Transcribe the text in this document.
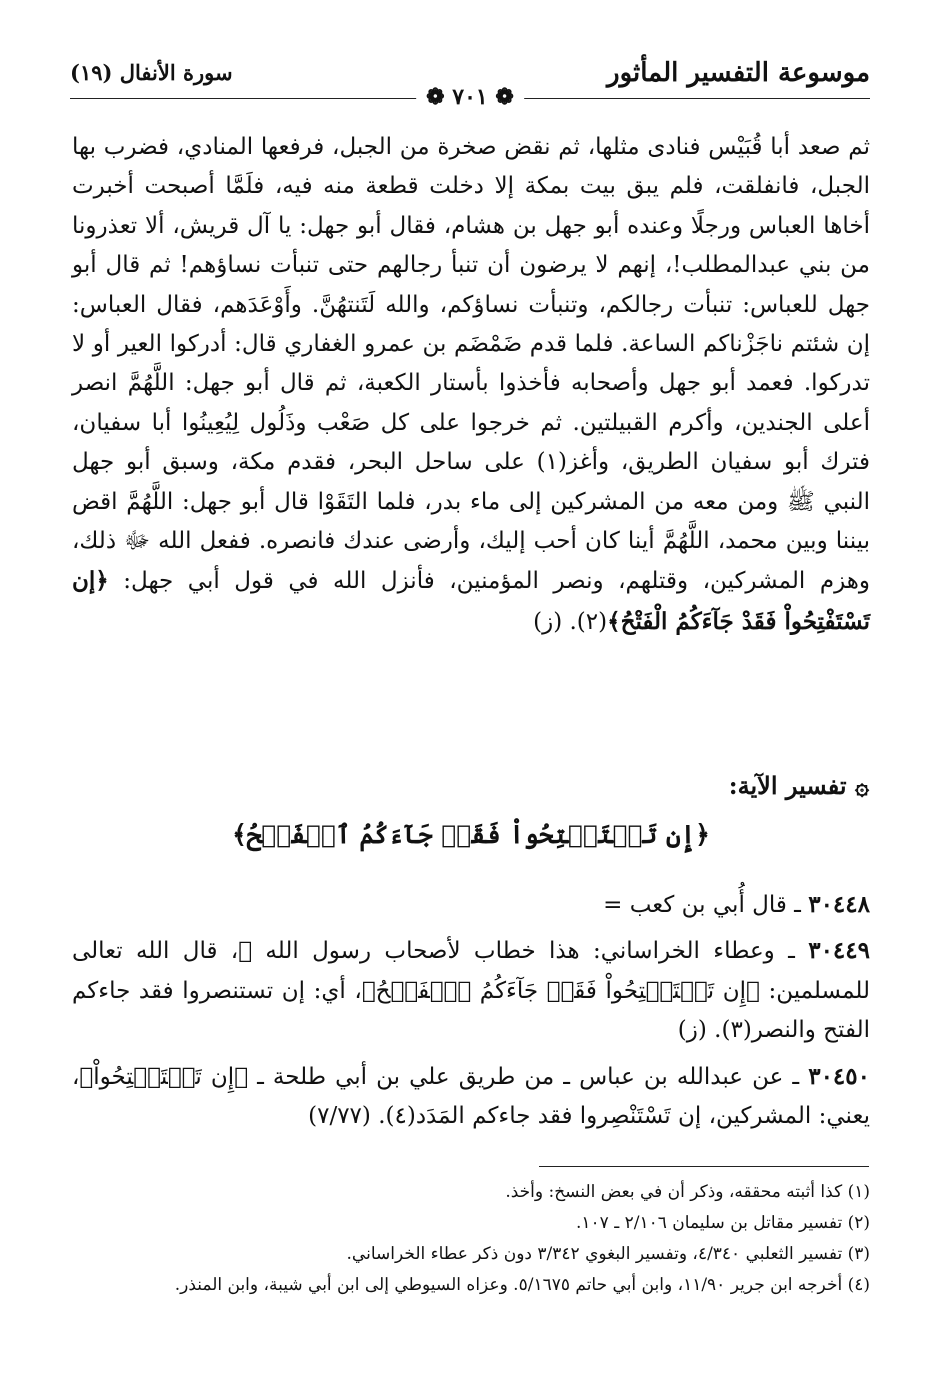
موسوعة التفسير المأثور
سورة الأنفال (١٩)
❁ ٧٠١ ❁
ثم صعد أبا قُبَيْس فنادى مثلها، ثم نقض صخرة من الجبل، فرفعها المنادي، فضرب بها الجبل، فانفلقت، فلم يبق بيت بمكة إلا دخلت قطعة منه فيه، فلَمَّا أصبحت أخبرت أخاها العباس ورجلًا وعنده أبو جهل بن هشام، فقال أبو جهل: يا آل قريش، ألا تعذرونا من بني عبدالمطلب!، إنهم لا يرضون أن تنبأ رجالهم حتى تنبأت نساؤهم! ثم قال أبو جهل للعباس: تنبأت رجالكم، وتنبأت نساؤكم، والله لَتَنتهُنَّ. وأَوْعَدَهم، فقال العباس: إن شئتم ناجَزْناكم الساعة. فلما قدم ضَمْضَم بن عمرو الغفاري قال: أدركوا العير أو لا تدركوا. فعمد أبو جهل وأصحابه فأخذوا بأستار الكعبة، ثم قال أبو جهل: اللَّهُمَّ انصر أعلى الجندين، وأكرم القبيلتين. ثم خرجوا على كل صَعْب وذَلُول لِيُعِينُوا أبا سفيان، فترك أبو سفيان الطريق، وأغز(١) على ساحل البحر، فقدم مكة، وسبق أبو جهل النبي ﷺ ومن معه من المشركين إلى ماء بدر، فلما التَقَوْا قال أبو جهل: اللَّهُمَّ اقض بيننا وبين محمد، اللَّهُمَّ أينا كان أحب إليك، وأرضى عندك فانصره. ففعل الله ﷻ ذلك، وهزم المشركين، وقتلهم، ونصر المؤمنين، فأنزل الله في قول أبي جهل: ﴿إن تَسْتَفْتِحُواْ فَقَدْ جَآءَكُمُ الْفَتْحُ﴾(٢). (ز)
۞ تفسير الآية:
﴿إِن تَسۡتَفۡتِحُواْ فَقَدۡ جَآءَكُمُ ٱلۡفَتۡحُ﴾
٣٠٤٤٨ ـ قال أُبي بن كعب =
٣٠٤٤٩ ـ وعطاء الخراساني: هذا خطاب لأصحاب رسول الله ﷺ، قال الله تعالى للمسلمين: ﴿إِن تَسۡتَفۡتِحُواْ فَقَدۡ جَآءَكُمُ ٱلۡفَتۡحُ﴾، أي: إن تستنصروا فقد جاءكم الفتح والنصر(٣). (ز)
٣٠٤٥٠ ـ عن عبدالله بن عباس ـ من طريق علي بن أبي طلحة ـ ﴿إِن تَسۡتَفۡتِحُواْ﴾، يعني: المشركين، إن تَسْتَنْصِروا فقد جاءكم المَدَد(٤). (٧/٧٧)
(١) كذا أثبته محققه، وذكر أن في بعض النسخ: وأخذ.
(٢) تفسير مقاتل بن سليمان ٢/١٠٦ ـ ١٠٧.
(٣) تفسير الثعلبي ٤/٣٤٠، وتفسير البغوي ٣/٣٤٢ دون ذكر عطاء الخراساني.
(٤) أخرجه ابن جرير ١١/٩٠، وابن أبي حاتم ٥/١٦٧٥. وعزاه السيوطي إلى ابن أبي شيبة، وابن المنذر.
